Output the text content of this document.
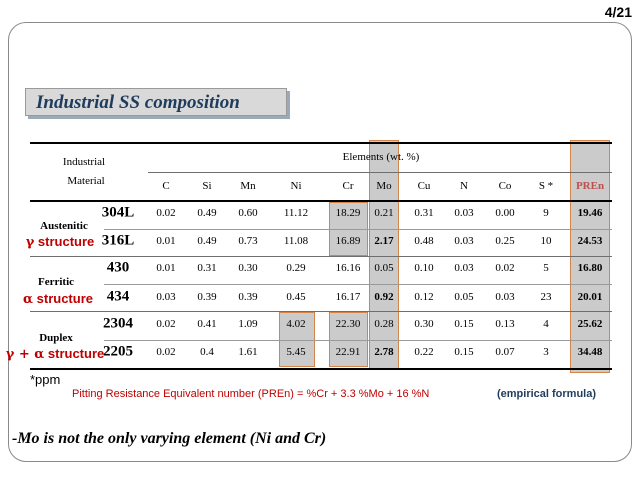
4/21
Industrial SS composition
Industrial
Material
Elements (wt. %)
C	Si	Mn	Ni	Cr Mo Cu	N	Co S * PREn
304L 0.02 0.49 0.60 11.12 18.29 0.21 0.31 0.03 0.00	9	19.46
316L 0.01 0.49 0.73 11.08 16.89 2.17 0.48 0.03 0.25 10 24.53
430 0.01 0.31 0.30	0.29	16.16 0.05 0.10 0.03 0.02	5	16.80
434 0.03 0.39 0.39	0.45	16.17 0.92 0.12 0.05 0.03 23 20.01
2304 0.02 0.41 1.09	4.02	22.30 0.28 0.30 0.15 0.13	4	25.62
2205 0.02 0.4 1.61	5.45	22.91 2.78 0.22 0.15 0.07	3	34.48
Austenitic
γ structure
Ferritic
α structure
Duplex
γ + α structure
*ppm
Pitting Resistance Equivalent number (PREn) = %Cr + 3.3 %Mo + 16 %N	(empirical formula)
-Mo is not the only varying element (Ni and Cr)
